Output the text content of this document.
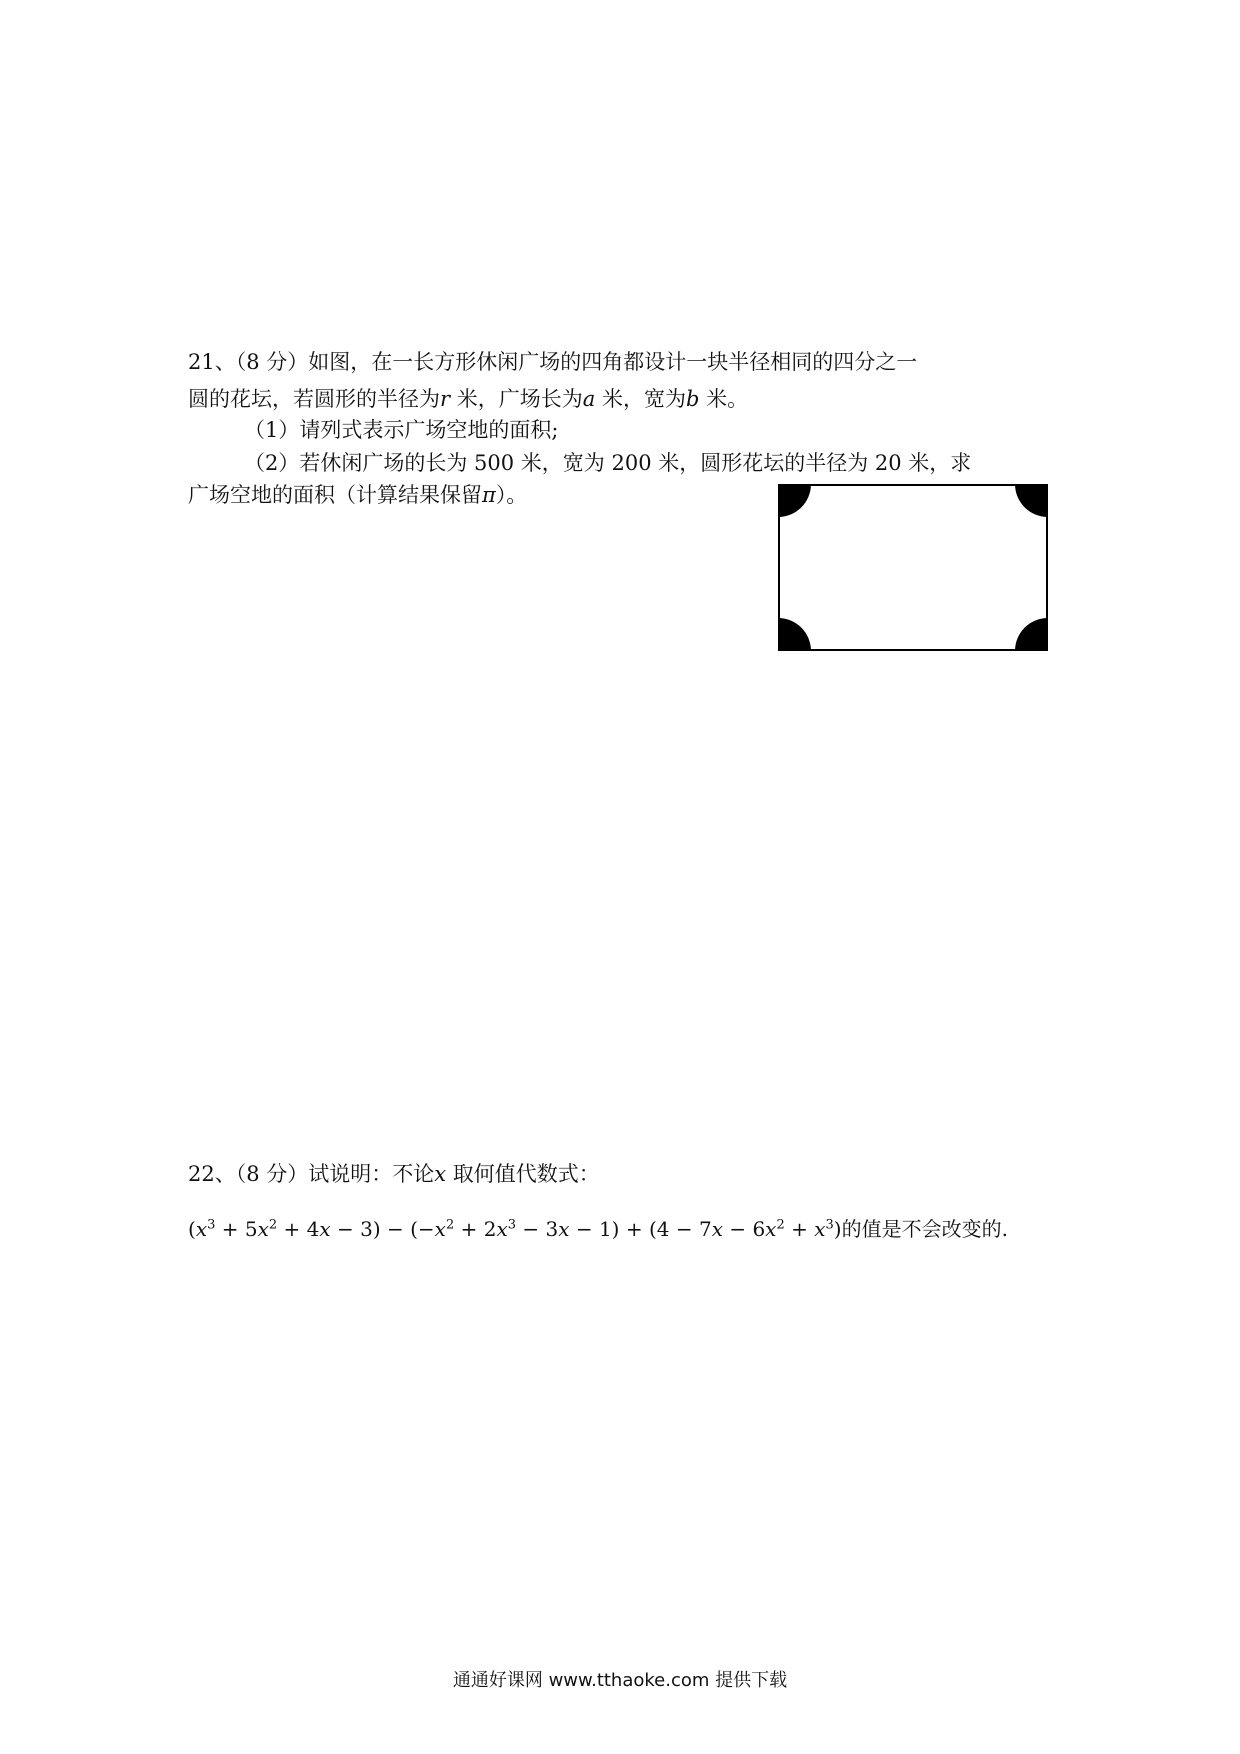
21、（8 分）如图，在一长方形休闲广场的四角都设计一块半径相同的四分之一
圆的花坛，若圆形的半径为r 米，广场长为a 米，宽为b 米。
（1）请列式表示广场空地的面积;
（2）若休闲广场的长为 500 米，宽为 200 米，圆形花坛的半径为 20 米，求
广场空地的面积（计算结果保留π）。
22、（8 分）试说明：不论x 取何值代数式：
$(x^3 + 5x^2 + 4x - 3) - (-x^2 + 2x^3 - 3x - 1) + (4 - 7x - 6x^2 + x^3)$的值是不会改变的.
通通好课网 www.tthaoke.com 提供下载
